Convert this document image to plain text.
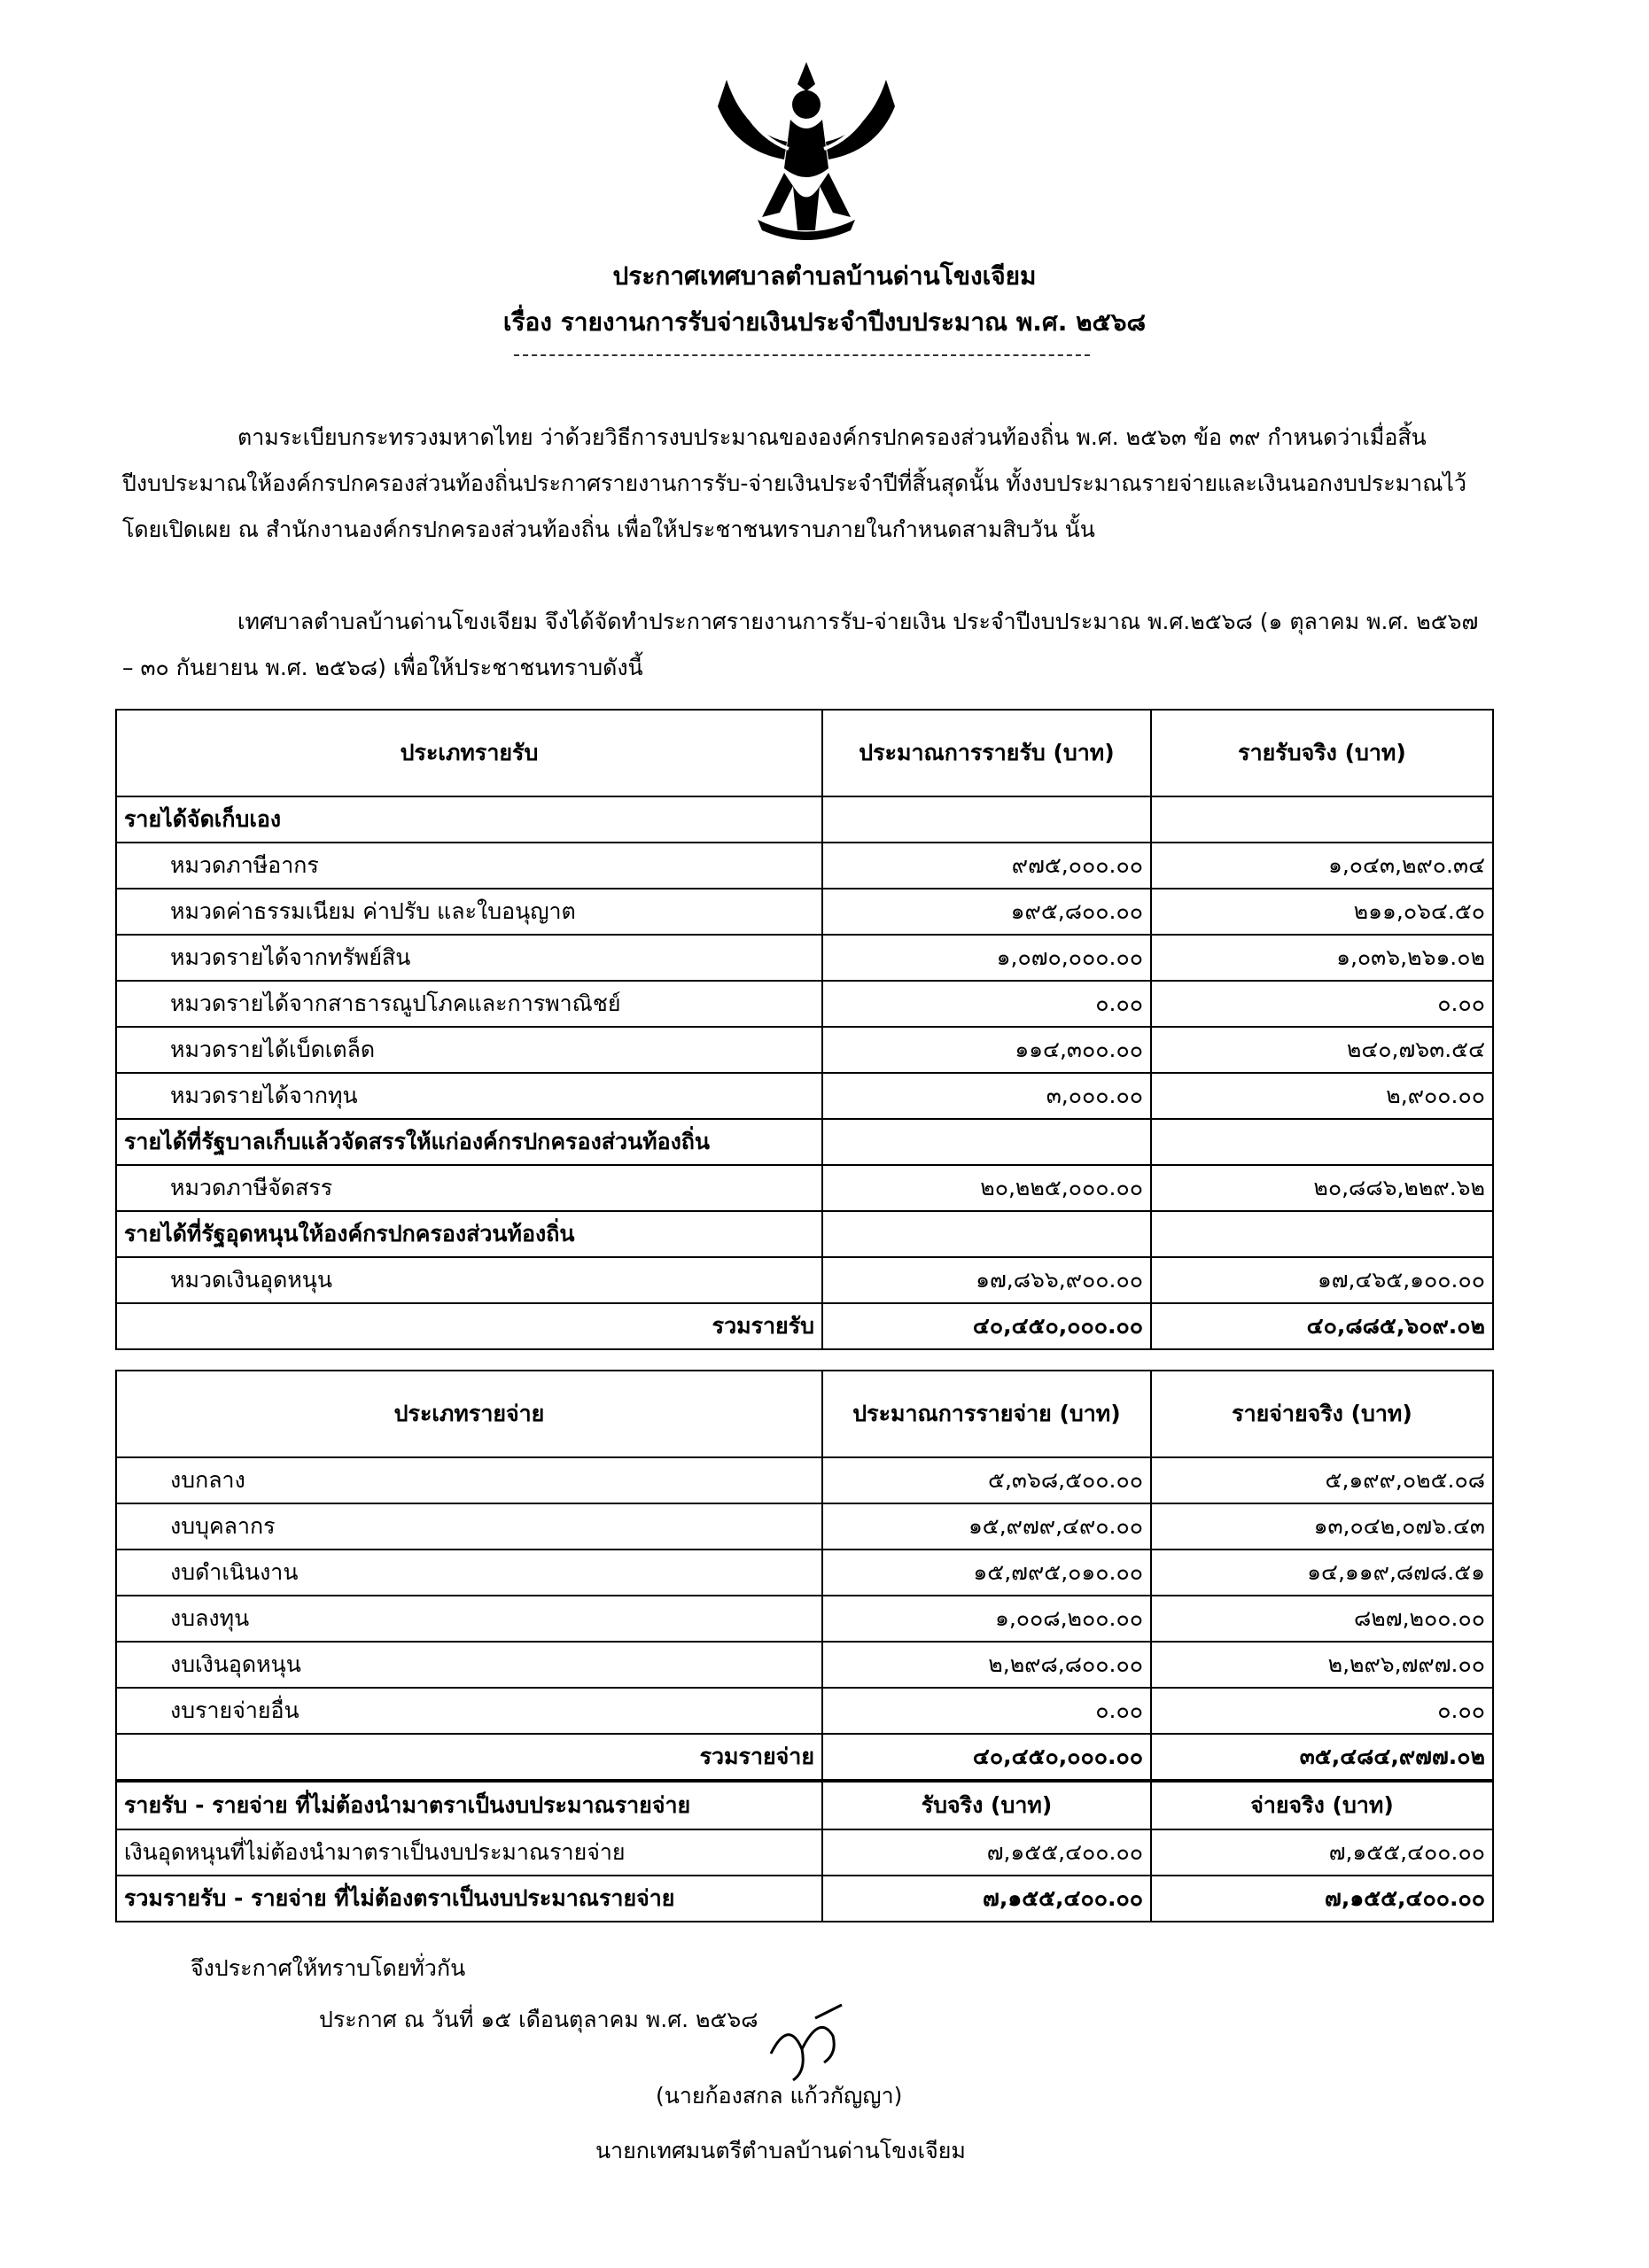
ประกาศเทศบาลตำบลบ้านด่านโขงเจียม
เรื่อง รายงานการรับจ่ายเงินประจำปีงบประมาณ พ.ศ. ๒๕๖๘

ตามระเบียบกระทรวงมหาดไทย ว่าด้วยวิธีการงบประมาณขององค์กรปกครองส่วนท้องถิ่น พ.ศ. ๒๕๖๓ ข้อ ๓๙ กำหนดว่าเมื่อสิ้นปีงบประมาณให้องค์กรปกครองส่วนท้องถิ่นประกาศรายงานการรับ-จ่ายเงินประจำปีที่สิ้นสุดนั้น ทั้งงบประมาณรายจ่ายและเงินนอกงบประมาณไว้โดยเปิดเผย ณ สำนักงานองค์กรปกครองส่วนท้องถิ่น เพื่อให้ประชาชนทราบภายในกำหนดสามสิบวัน นั้น

เทศบาลตำบลบ้านด่านโขงเจียม จึงได้จัดทำประกาศรายงานการรับ-จ่ายเงิน ประจำปีงบประมาณ พ.ศ.๒๕๖๘ (๑ ตุลาคม พ.ศ. ๒๕๖๗ – ๓๐ กันยายน พ.ศ. ๒๕๖๘) เพื่อให้ประชาชนทราบดังนี้

ประเภทรายรับ	ประมาณการรายรับ (บาท)	รายรับจริง (บาท)
รายได้จัดเก็บเอง		
หมวดภาษีอากร	๙๗๕,๐๐๐.๐๐	๑,๐๔๓,๒๙๐.๓๔
หมวดค่าธรรมเนียม ค่าปรับ และใบอนุญาต	๑๙๕,๘๐๐.๐๐	๒๑๑,๐๖๔.๕๐
หมวดรายได้จากทรัพย์สิน	๑,๐๗๐,๐๐๐.๐๐	๑,๐๓๖,๒๖๑.๐๒
หมวดรายได้จากสาธารณูปโภคและการพาณิชย์	๐.๐๐	๐.๐๐
หมวดรายได้เบ็ดเตล็ด	๑๑๔,๓๐๐.๐๐	๒๔๐,๗๖๓.๕๔
หมวดรายได้จากทุน	๓,๐๐๐.๐๐	๒,๙๐๐.๐๐
รายได้ที่รัฐบาลเก็บแล้วจัดสรรให้แก่องค์กรปกครองส่วนท้องถิ่น		
หมวดภาษีจัดสรร	๒๐,๒๒๕,๐๐๐.๐๐	๒๐,๘๘๖,๒๒๙.๖๒
รายได้ที่รัฐอุดหนุนให้องค์กรปกครองส่วนท้องถิ่น		
หมวดเงินอุดหนุน	๑๗,๘๖๖,๙๐๐.๐๐	๑๗,๔๖๕,๑๐๐.๐๐
รวมรายรับ	๔๐,๔๕๐,๐๐๐.๐๐	๔๐,๘๘๕,๖๐๙.๐๒
ประเภทรายจ่าย	ประมาณการรายจ่าย (บาท)	รายจ่ายจริง (บาท)
งบกลาง	๕,๓๖๘,๕๐๐.๐๐	๕,๑๙๙,๐๒๕.๐๘
งบบุคลากร	๑๕,๙๗๙,๔๙๐.๐๐	๑๓,๐๔๒,๐๗๖.๔๓
งบดำเนินงาน	๑๕,๗๙๕,๐๑๐.๐๐	๑๔,๑๑๙,๘๗๘.๕๑
งบลงทุน	๑,๐๐๘,๒๐๐.๐๐	๘๒๗,๒๐๐.๐๐
งบเงินอุดหนุน	๒,๒๙๘,๘๐๐.๐๐	๒,๒๙๖,๗๙๗.๐๐
งบรายจ่ายอื่น	๐.๐๐	๐.๐๐
รวมรายจ่าย	๔๐,๔๕๐,๐๐๐.๐๐	๓๕,๔๘๔,๙๗๗.๐๒
รายรับ - รายจ่าย ที่ไม่ต้องนำมาตราเป็นงบประมาณรายจ่าย	รับจริง (บาท)	จ่ายจริง (บาท)
เงินอุดหนุนที่ไม่ต้องนำมาตราเป็นงบประมาณรายจ่าย	๗,๑๕๕,๔๐๐.๐๐	๗,๑๕๕,๔๐๐.๐๐
รวมรายรับ - รายจ่าย ที่ไม่ต้องตราเป็นงบประมาณรายจ่าย	๗,๑๕๕,๔๐๐.๐๐	๗,๑๕๕,๔๐๐.๐๐
จึงประกาศให้ทราบโดยทั่วกัน
ประกาศ ณ วันที่ ๑๕ เดือนตุลาคม พ.ศ. ๒๕๖๘
(นายก้องสกล แก้วกัญญา)
นายกเทศมนตรีตำบลบ้านด่านโขงเจียม
